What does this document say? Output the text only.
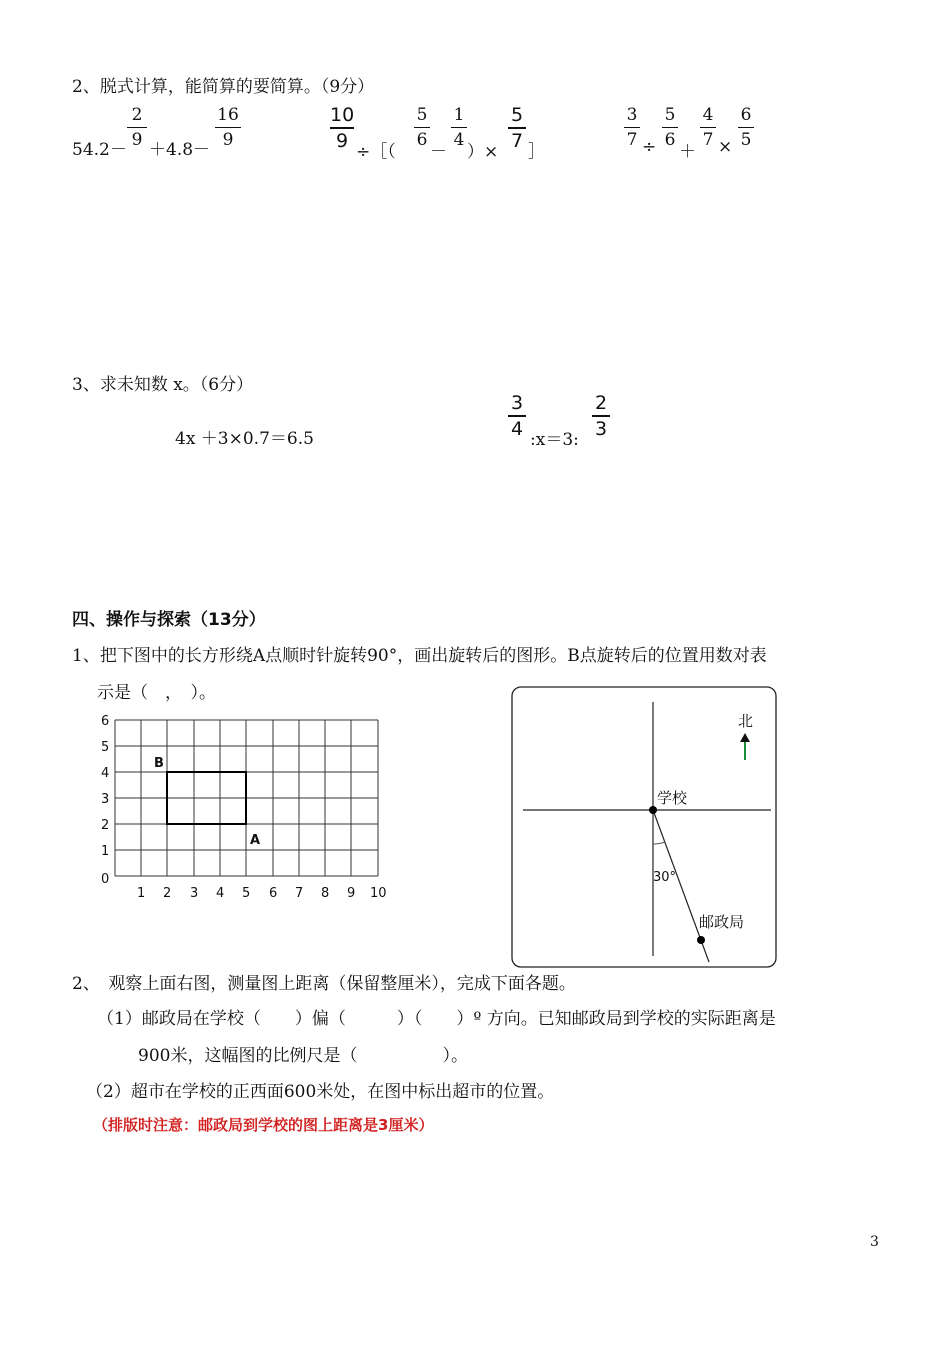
2、脱式计算，能简算的要简算。（9分）
54.2－
2
9 ＋4.8－
16
9
10
9 ÷［（
5
6
－
1
4
）×
5
7 ］
3
7 ÷
5
6
＋
4
7 ×
6
5
3、求未知数 x。（6分）
4x ＋3×0.7＝6.5
3
4 :x＝3:
2
3
四、操作与探索（13分）
1、把下图中的长方形绕A点顺时针旋转90°，画出旋转后的图形。B点旋转后的位置用数对表
示是（　，　）。
6
5
4
3
2
1
0
1 2 3 4 5 6 7 8 9 10
B
A
北
学校
30°
邮政局
2、　观察上面右图，测量图上距离（保留整厘米），完成下面各题。
（1）邮政局在学校（　　）偏（　　　）（　　）º 方向。已知邮政局到学校的实际距离是
900米，这幅图的比例尺是（　　　　　）。
（2）超市在学校的正西面600米处，在图中标出超市的位置。
（排版时注意：邮政局到学校的图上距离是3厘米）
3
